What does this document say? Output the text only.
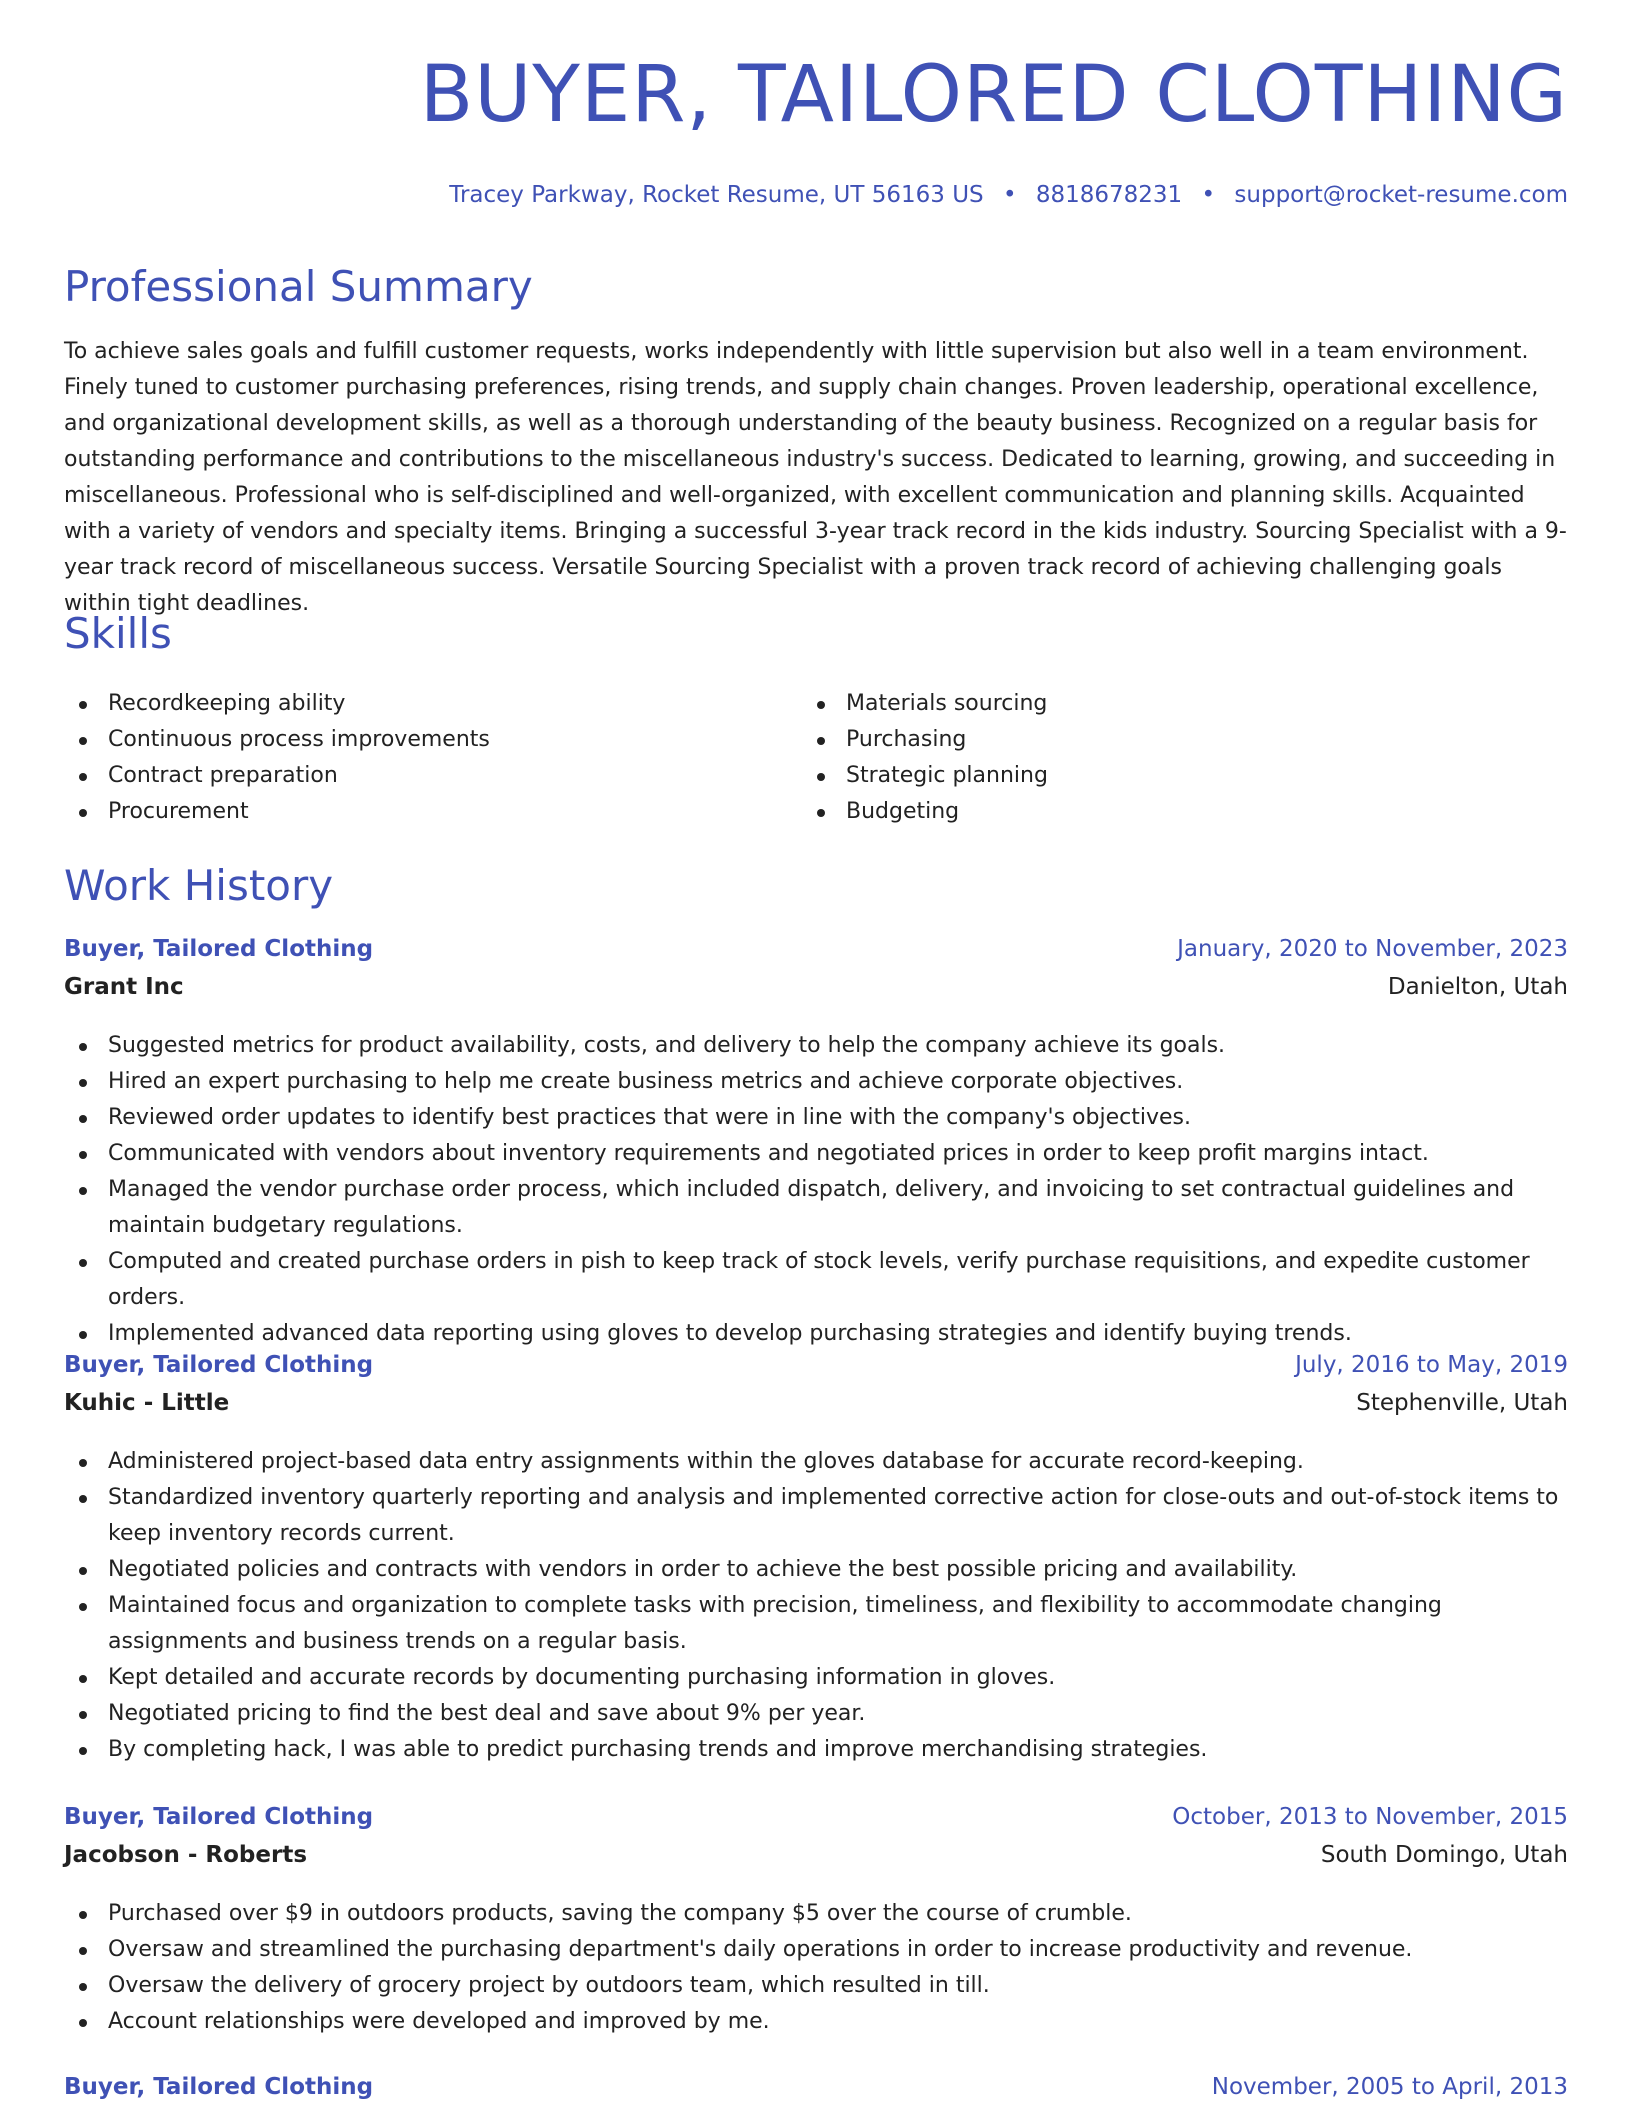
BUYER, TAILORED CLOTHING
Tracey Parkway, Rocket Resume, UT 56163 US • 8818678231 • support@rocket-resume.com
Professional Summary

To achieve sales goals and fulfill customer requests, works independently with little supervision but also well in a team environment. Finely tuned to customer purchasing preferences, rising trends, and supply chain changes. Proven leadership, operational excellence, and organizational development skills, as well as a thorough understanding of the beauty business. Recognized on a regular basis for outstanding performance and contributions to the miscellaneous industry's success. Dedicated to learning, growing, and succeeding in miscellaneous. Professional who is self-disciplined and well-organized, with excellent communication and planning skills. Acquainted with a variety of vendors and specialty items. Bringing a successful 3-year track record in the kids industry. Sourcing Specialist with a 9-year track record of miscellaneous success. Versatile Sourcing Specialist with a proven track record of achieving challenging goals within tight deadlines.

Skills
Recordkeeping ability
Continuous process improvements
Contract preparation
Procurement
Materials sourcing
Purchasing
Strategic planning
Budgeting
Work History
Buyer, Tailored Clothing	January, 2020 to November, 2023
Grant Inc	Danielton, Utah
Suggested metrics for product availability, costs, and delivery to help the company achieve its goals.
Hired an expert purchasing to help me create business metrics and achieve corporate objectives.
Reviewed order updates to identify best practices that were in line with the company's objectives.
Communicated with vendors about inventory requirements and negotiated prices in order to keep profit margins intact.
Managed the vendor purchase order process, which included dispatch, delivery, and invoicing to set contractual guidelines and maintain budgetary regulations.
Computed and created purchase orders in pish to keep track of stock levels, verify purchase requisitions, and expedite customer orders.
Implemented advanced data reporting using gloves to develop purchasing strategies and identify buying trends.
Buyer, Tailored Clothing	July, 2016 to May, 2019
Kuhic - Little	Stephenville, Utah
Administered project-based data entry assignments within the gloves database for accurate record-keeping.
Standardized inventory quarterly reporting and analysis and implemented corrective action for close-outs and out-of-stock items to keep inventory records current.
Negotiated policies and contracts with vendors in order to achieve the best possible pricing and availability.
Maintained focus and organization to complete tasks with precision, timeliness, and flexibility to accommodate changing assignments and business trends on a regular basis.
Kept detailed and accurate records by documenting purchasing information in gloves.
Negotiated pricing to find the best deal and save about 9% per year.
By completing hack, I was able to predict purchasing trends and improve merchandising strategies.
Buyer, Tailored Clothing	October, 2013 to November, 2015
Jacobson - Roberts	South Domingo, Utah
Purchased over $9 in outdoors products, saving the company $5 over the course of crumble.
Oversaw and streamlined the purchasing department's daily operations in order to increase productivity and revenue.
Oversaw the delivery of grocery project by outdoors team, which resulted in till.
Account relationships were developed and improved by me.
Buyer, Tailored Clothing	November, 2005 to April, 2013
